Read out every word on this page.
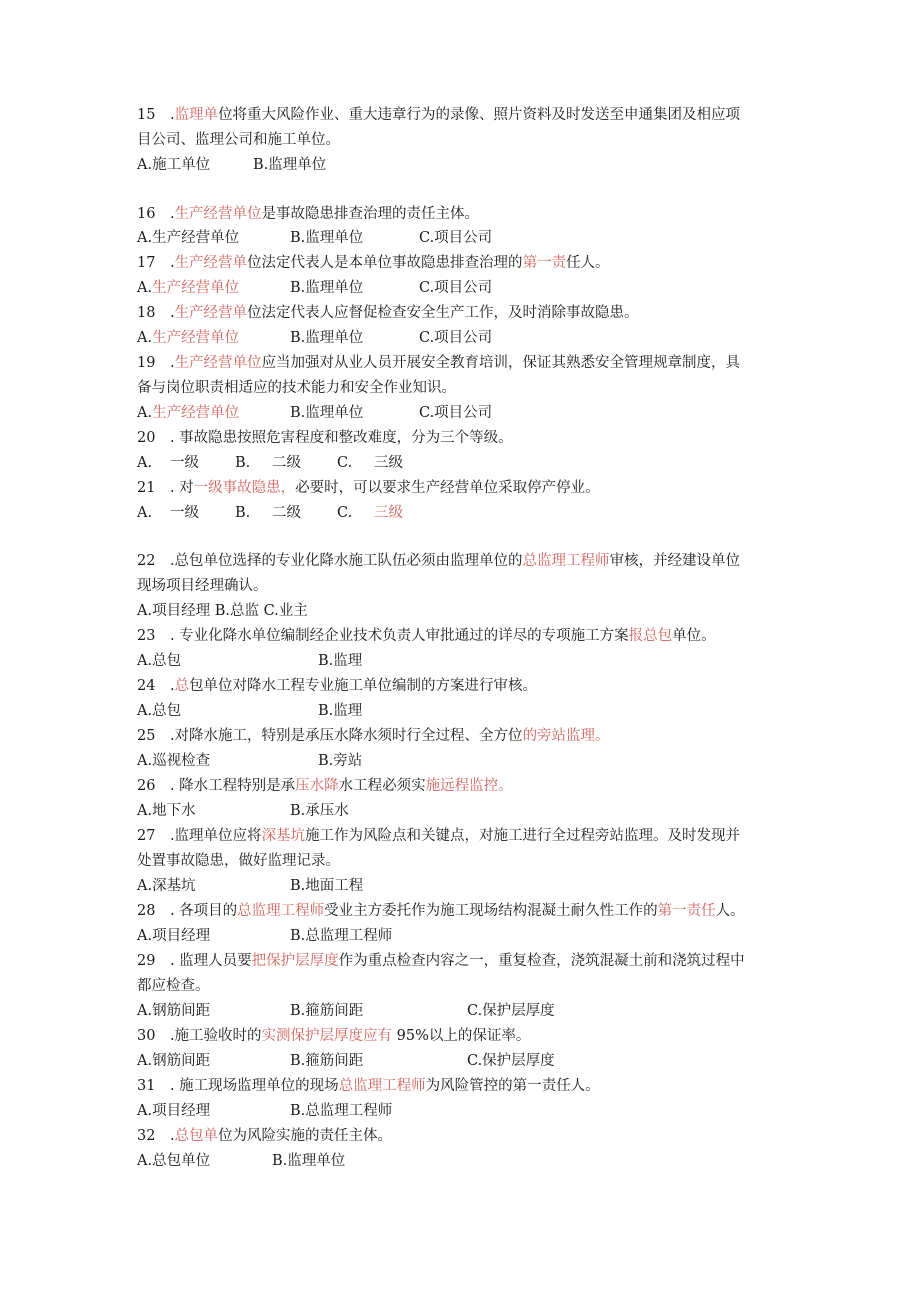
15　.监理单位将重大风险作业、重大违章行为的录像、照片资料及时发送至申通集团及相应项
目公司、监理公司和施工单位。
A.施工单位	B.监理单位
16　.生产经营单位是事故隐患排查治理的责任主体。
A.生产经营单位	B.监理单位	C.项目公司
17　.生产经营单位法定代表人是本单位事故隐患排查治理的第一责任人。
A.生产经营单位	B.监理单位	C.项目公司
18　.生产经营单位法定代表人应督促检查安全生产工作，及时消除事故隐患。
A.生产经营单位	B.监理单位	C.项目公司
19　.生产经营单位应当加强对从业人员开展安全教育培训，保证其熟悉安全管理规章制度，具
备与岗位职责相适应的技术能力和安全作业知识。
A.生产经营单位	B.监理单位	C.项目公司
20　. 事故隐患按照危害程度和整改难度，分为三个等级。
A. 一级 B. 二级 C. 三级
21　. 对一级事故隐患，必要时，可以要求生产经营单位采取停产停业。
A. 一级 B. 二级 C. 三级
22　.总包单位选择的专业化降水施工队伍必须由监理单位的总监理工程师审核，并经建设单位
现场项目经理确认。
A.项目经理 B.总监 C.业主
23　. 专业化降水单位编制经企业技术负责人审批通过的详尽的专项施工方案报总包单位。
A.总包	B.监理
24　.总包单位对降水工程专业施工单位编制的方案进行审核。
A.总包	B.监理
25　.对降水施工，特别是承压水降水须时行全过程、全方位的旁站监理。
A.巡视检查	B.旁站
26　. 降水工程特别是承压水降水工程必须实施远程监控。
A.地下水	B.承压水
27　.监理单位应将深基坑施工作为风险点和关键点，对施工进行全过程旁站监理。及时发现并
处置事故隐患，做好监理记录。
A.深基坑	B.地面工程
28　. 各项目的总监理工程师受业主方委托作为施工现场结构混凝土耐久性工作的第一责任人。
A.项目经理	B.总监理工程师
29　. 监理人员要把保护层厚度作为重点检查内容之一，重复检查，浇筑混凝土前和浇筑过程中
都应检查。
A.钢筋间距	B.箍筋间距	C.保护层厚度
30　.施工验收时的实测保护层厚度应有 95%以上的保证率。
A.钢筋间距	B.箍筋间距	C.保护层厚度
31　. 施工现场监理单位的现场总监理工程师为风险管控的第一责任人。
A.项目经理	B.总监理工程师
32　.总包单位为风险实施的责任主体。
A.总包单位	B.监理单位
